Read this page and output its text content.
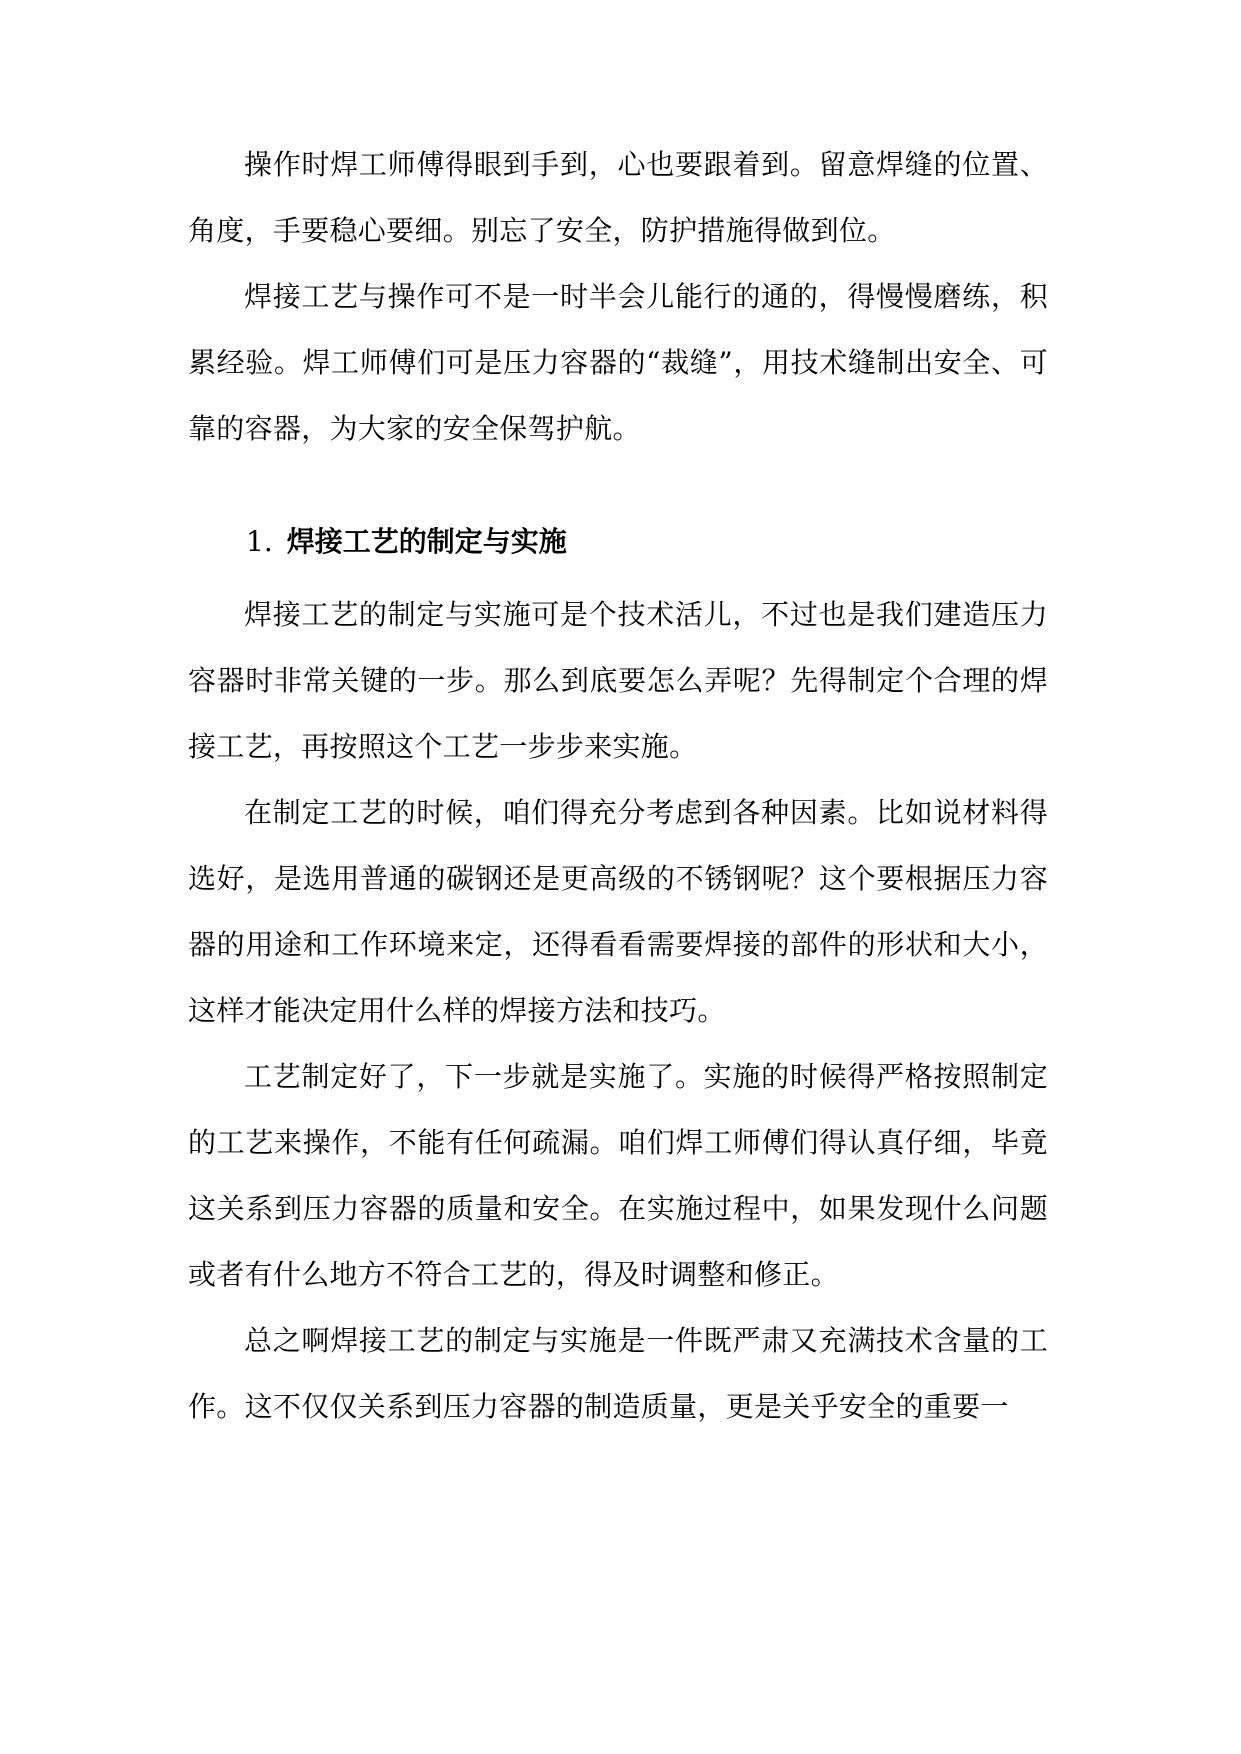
操作时焊工师傅得眼到手到，心也要跟着到。留意焊缝的位置、角度，手要稳心要细。别忘了安全，防护措施得做到位。

焊接工艺与操作可不是一时半会儿能行的通的，得慢慢磨练，积累经验。焊工师傅们可是压力容器的“裁缝”，用技术缝制出安全、可靠的容器，为大家的安全保驾护航。

1. 焊接工艺的制定与实施

焊接工艺的制定与实施可是个技术活儿，不过也是我们建造压力容器时非常关键的一步。那么到底要怎么弄呢？先得制定个合理的焊接工艺，再按照这个工艺一步步来实施。

在制定工艺的时候，咱们得充分考虑到各种因素。比如说材料得选好，是选用普通的碳钢还是更高级的不锈钢呢？这个要根据压力容器的用途和工作环境来定，还得看看需要焊接的部件的形状和大小，这样才能决定用什么样的焊接方法和技巧。

工艺制定好了，下一步就是实施了。实施的时候得严格按照制定的工艺来操作，不能有任何疏漏。咱们焊工师傅们得认真仔细，毕竟这关系到压力容器的质量和安全。在实施过程中，如果发现什么问题或者有什么地方不符合工艺的，得及时调整和修正。

总之啊焊接工艺的制定与实施是一件既严肃又充满技术含量的工作。这不仅仅关系到压力容器的制造质量，更是关乎安全的重要一
